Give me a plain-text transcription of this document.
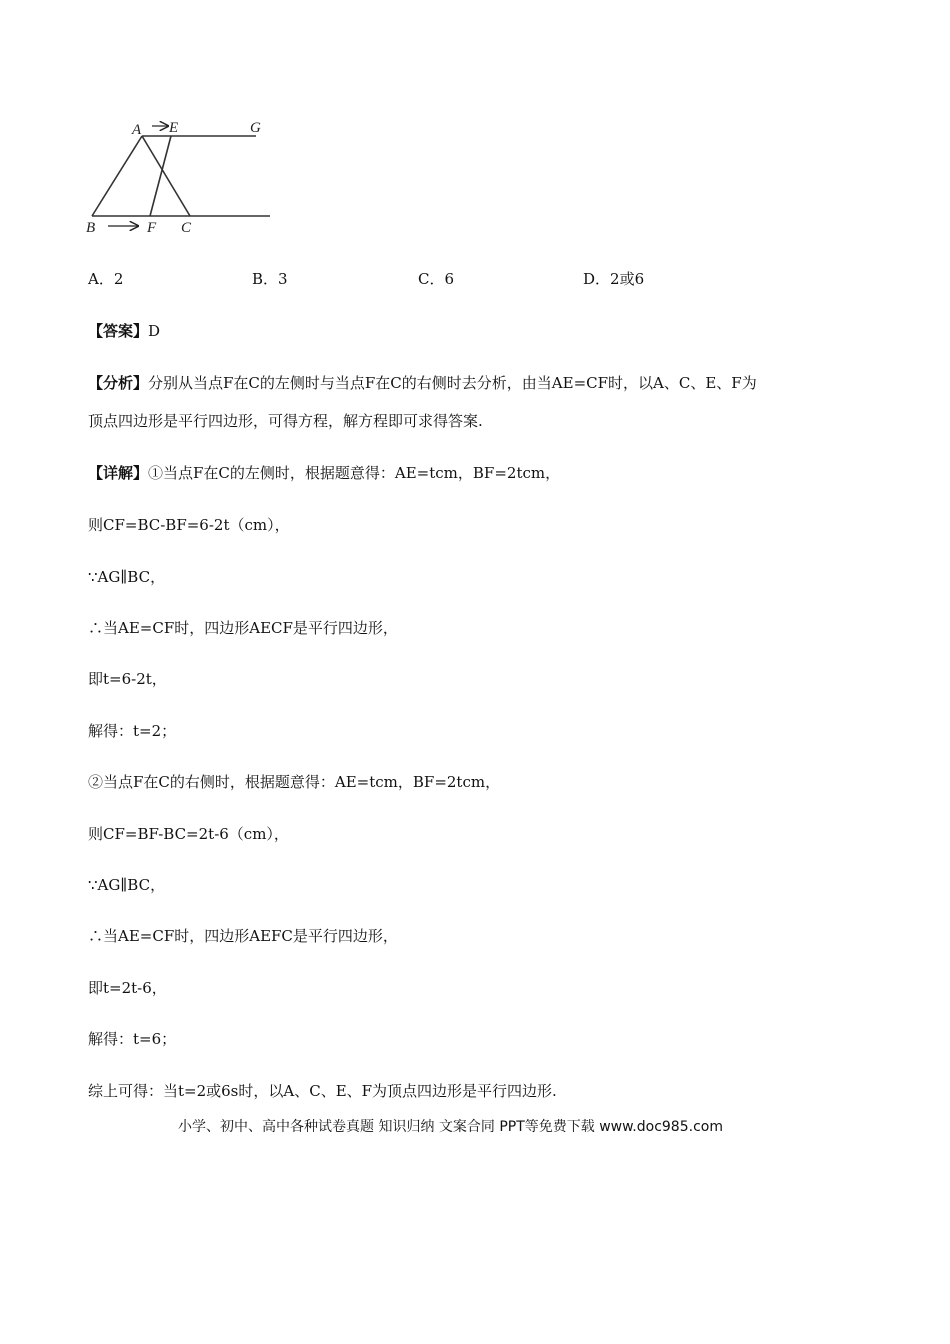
A E	G
B	F C
A．2	B．3	C．6	D．2或6
【答案】D
【分析】分别从当点F在C的左侧时与当点F在C的右侧时去分析，由当AE=CF时，以A、C、E、F为
顶点四边形是平行四边形，可得方程，解方程即可求得答案.
【详解】①当点F在C的左侧时，根据题意得：AE=tcm，BF=2tcm，
则CF=BC-BF=6-2t（cm），
∵AG∥BC，
∴当AE=CF时，四边形AECF是平行四边形，
即t=6-2t，
解得：t=2；
②当点F在C的右侧时，根据题意得：AE=tcm，BF=2tcm，
则CF=BF-BC=2t-6（cm），
∵AG∥BC，
∴当AE=CF时，四边形AEFC是平行四边形，
即t=2t-6，
解得：t=6；
综上可得：当t=2或6s时，以A、C、E、F为顶点四边形是平行四边形.
小学、初中、高中各种试卷真题 知识归纳 文案合同 PPT等免费下载 www.doc985.com
